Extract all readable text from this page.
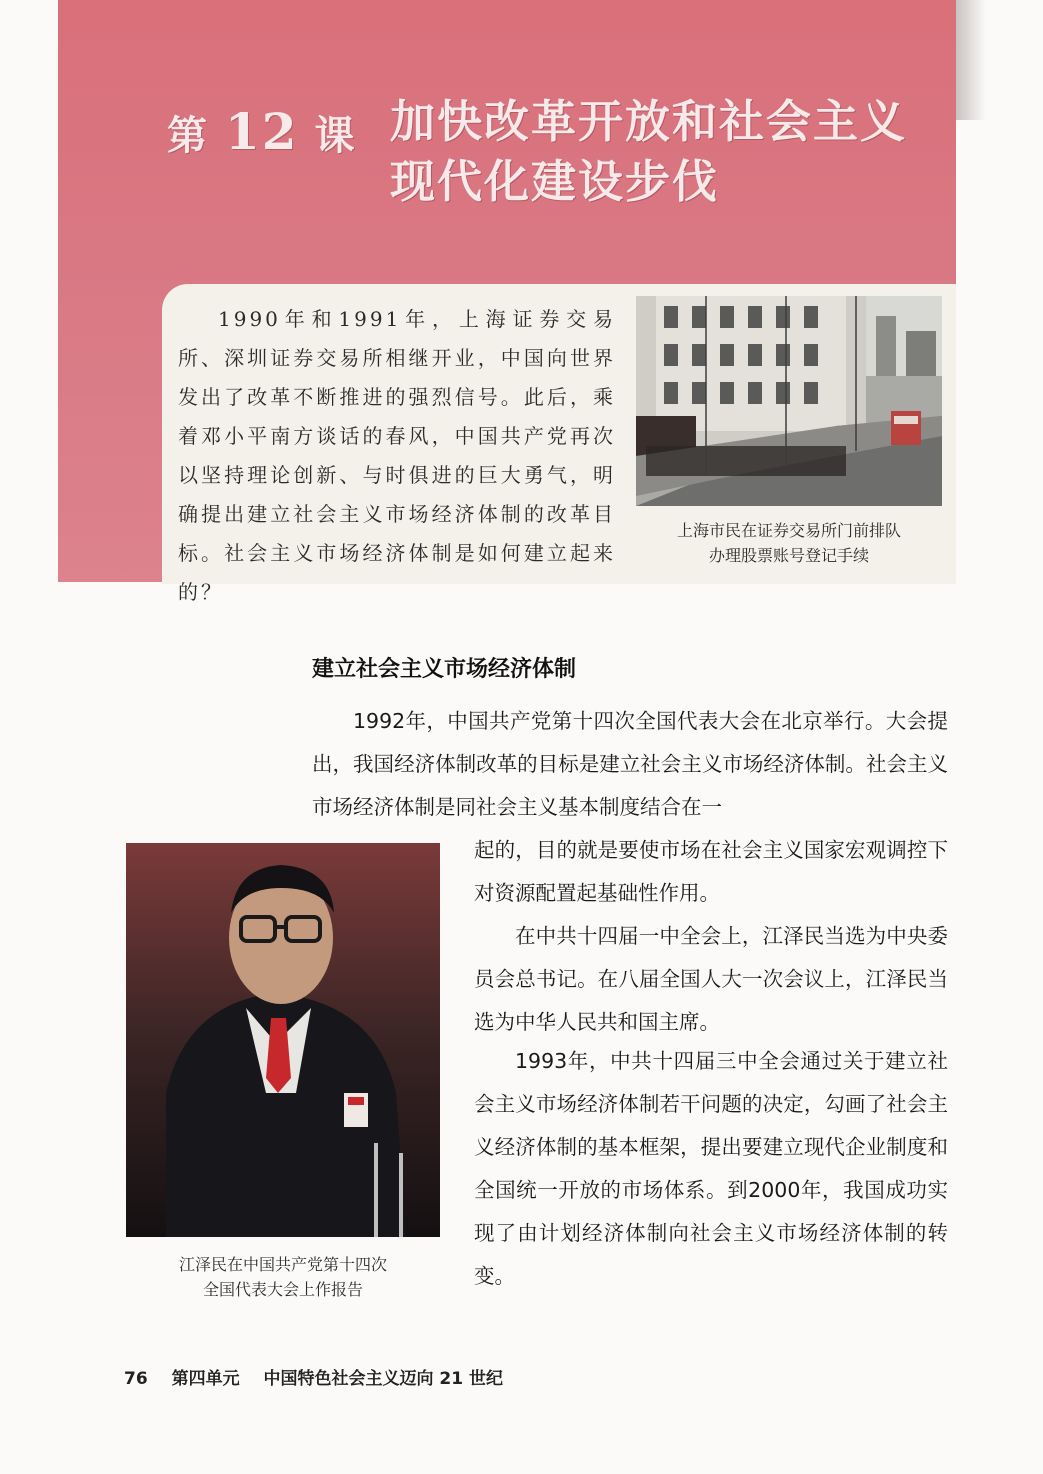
第 12 课 加快改革开放和社会主义
现代化建设步伐
1990年和1991年，上海证券交易所、深圳证券交易所相继开业，中国向世界发出了改革不断推进的强烈信号。此后，乘着邓小平南方谈话的春风，中国共产党再次以坚持理论创新、与时俱进的巨大勇气，明确提出建立社会主义市场经济体制的改革目标。社会主义市场经济体制是如何建立起来的？
上海市民在证券交易所门前排队
办理股票账号登记手续
建立社会主义市场经济体制
1992年，中国共产党第十四次全国代表大会在北京举行。大会提出，我国经济体制改革的目标是建立社会主义市场经济体制。社会主义市场经济体制是同社会主义基本制度结合在一
江泽民在中国共产党第十四次
全国代表大会上作报告
起的，目的就是要使市场在社会主义国家宏观调控下对资源配置起基础性作用。
在中共十四届一中全会上，江泽民当选为中央委员会总书记。在八届全国人大一次会议上，江泽民当选为中华人民共和国主席。
1993年，中共十四届三中全会通过关于建立社会主义市场经济体制若干问题的决定，勾画了社会主义经济体制的基本框架，提出要建立现代企业制度和全国统一开放的市场体系。到2000年，我国成功实现了由计划经济体制向社会主义市场经济体制的转变。
76 第四单元 中国特色社会主义迈向 21 世纪
